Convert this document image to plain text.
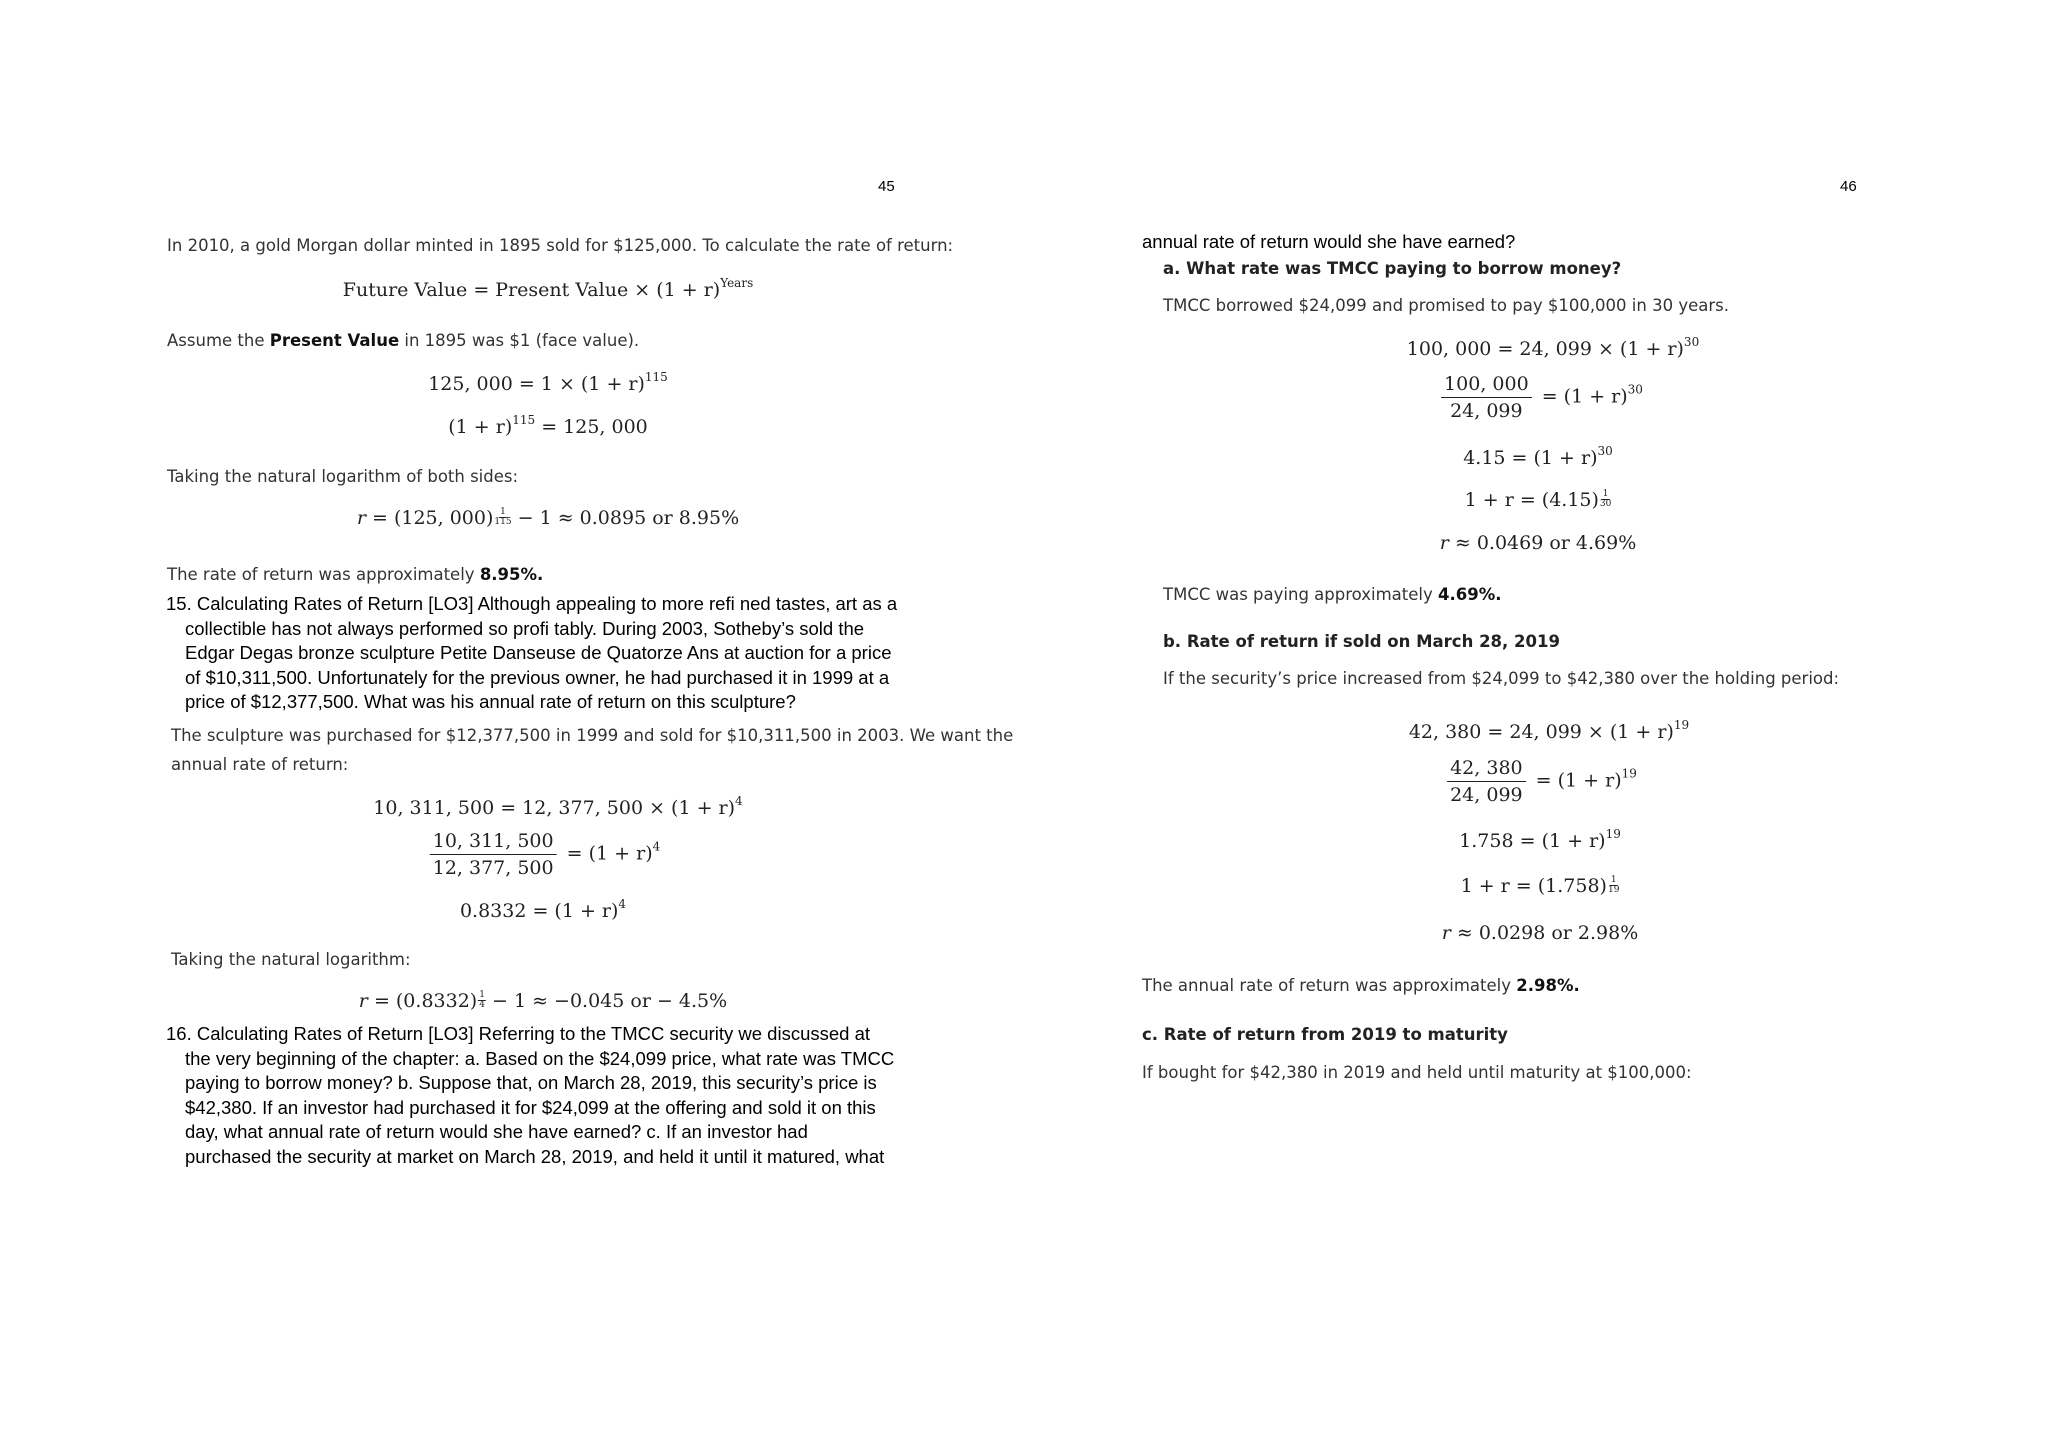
45
In 2010, a gold Morgan dollar minted in 1895 sold for $125,000. To calculate the rate of return:
Future Value = Present Value × $(1 + r)^{Years}$
Assume the Present Value in 1895 was $1 (face value).
125, $000 = 1 \times (1 + r)^{115}$
$(1 + r)^{115} = 125$, 000
Taking the natural logarithm of both sides:
r = (125, $000) \frac{1}{115} - 1 \approx 0.0895$ or 8.95%
The rate of return was approximately 8.95%.
15. Calculating Rates of Return [LO3] Although appealing to more refi ned tastes, art as a
collectible has not always performed so profi tably. During 2003, Sotheby’s sold the
Edgar Degas bronze sculpture Petite Danseuse de Quatorze Ans at auction for a price
of $10,311,500. Unfortunately for the previous owner, he had purchased it in 1999 at a
price of $12,377,500. What was his annual rate of return on this sculpture?
The sculpture was purchased for $12,377,500 in 1999 and sold for $10,311,500 in 2003. We want the
annual rate of return:
10, 311, 500 = 12, 377, $500 \times (1 + r)^4$
$\frac{10, 311, 500}{12, 377, 500} = (1 + r)^4$
$0.8332 = (1 + r)^4$
Taking the natural logarithm:
$r = (0.8332) \frac{1}{4} - 1 \approx -0.045$ or − 4.5%
16. Calculating Rates of Return [LO3] Referring to the TMCC security we discussed at
the very beginning of the chapter: a. Based on the $24,099 price, what rate was TMCC
paying to borrow money? b. Suppose that, on March 28, 2019, this security’s price is
$42,380. If an investor had purchased it for $24,099 at the offering and sold it on this
day, what annual rate of return would she have earned? c. If an investor had
purchased the security at market on March 28, 2019, and held it until it matured, what
46
annual rate of return would she have earned?
a. What rate was TMCC paying to borrow money?
TMCC borrowed $24,099 and promised to pay $100,000 in 30 years.
100, 000 = 24, $099 \times (1 + r)^{30}$
$\frac{100, 000}{24, 099} = (1 + r)^{30}$
$4.15 = (1 + r)^{30}$
$1 + r = (4.15) \frac{1}{30}$
r ≈ 0.0469 or 4.69%
TMCC was paying approximately 4.69%.
b. Rate of return if sold on March 28, 2019
If the security’s price increased from $24,099 to $42,380 over the holding period:
42, 380 = 24, $099 \times (1 + r)^{19}$
$\frac{42, 380}{24, 099} = (1 + r)^{19}$
$1.758 = (1 + r)^{19}$
$1 + r = (1.758) \frac{1}{19}$
r ≈ 0.0298 or 2.98%
The annual rate of return was approximately 2.98%.
c. Rate of return from 2019 to maturity
If bought for $42,380 in 2019 and held until maturity at $100,000:
